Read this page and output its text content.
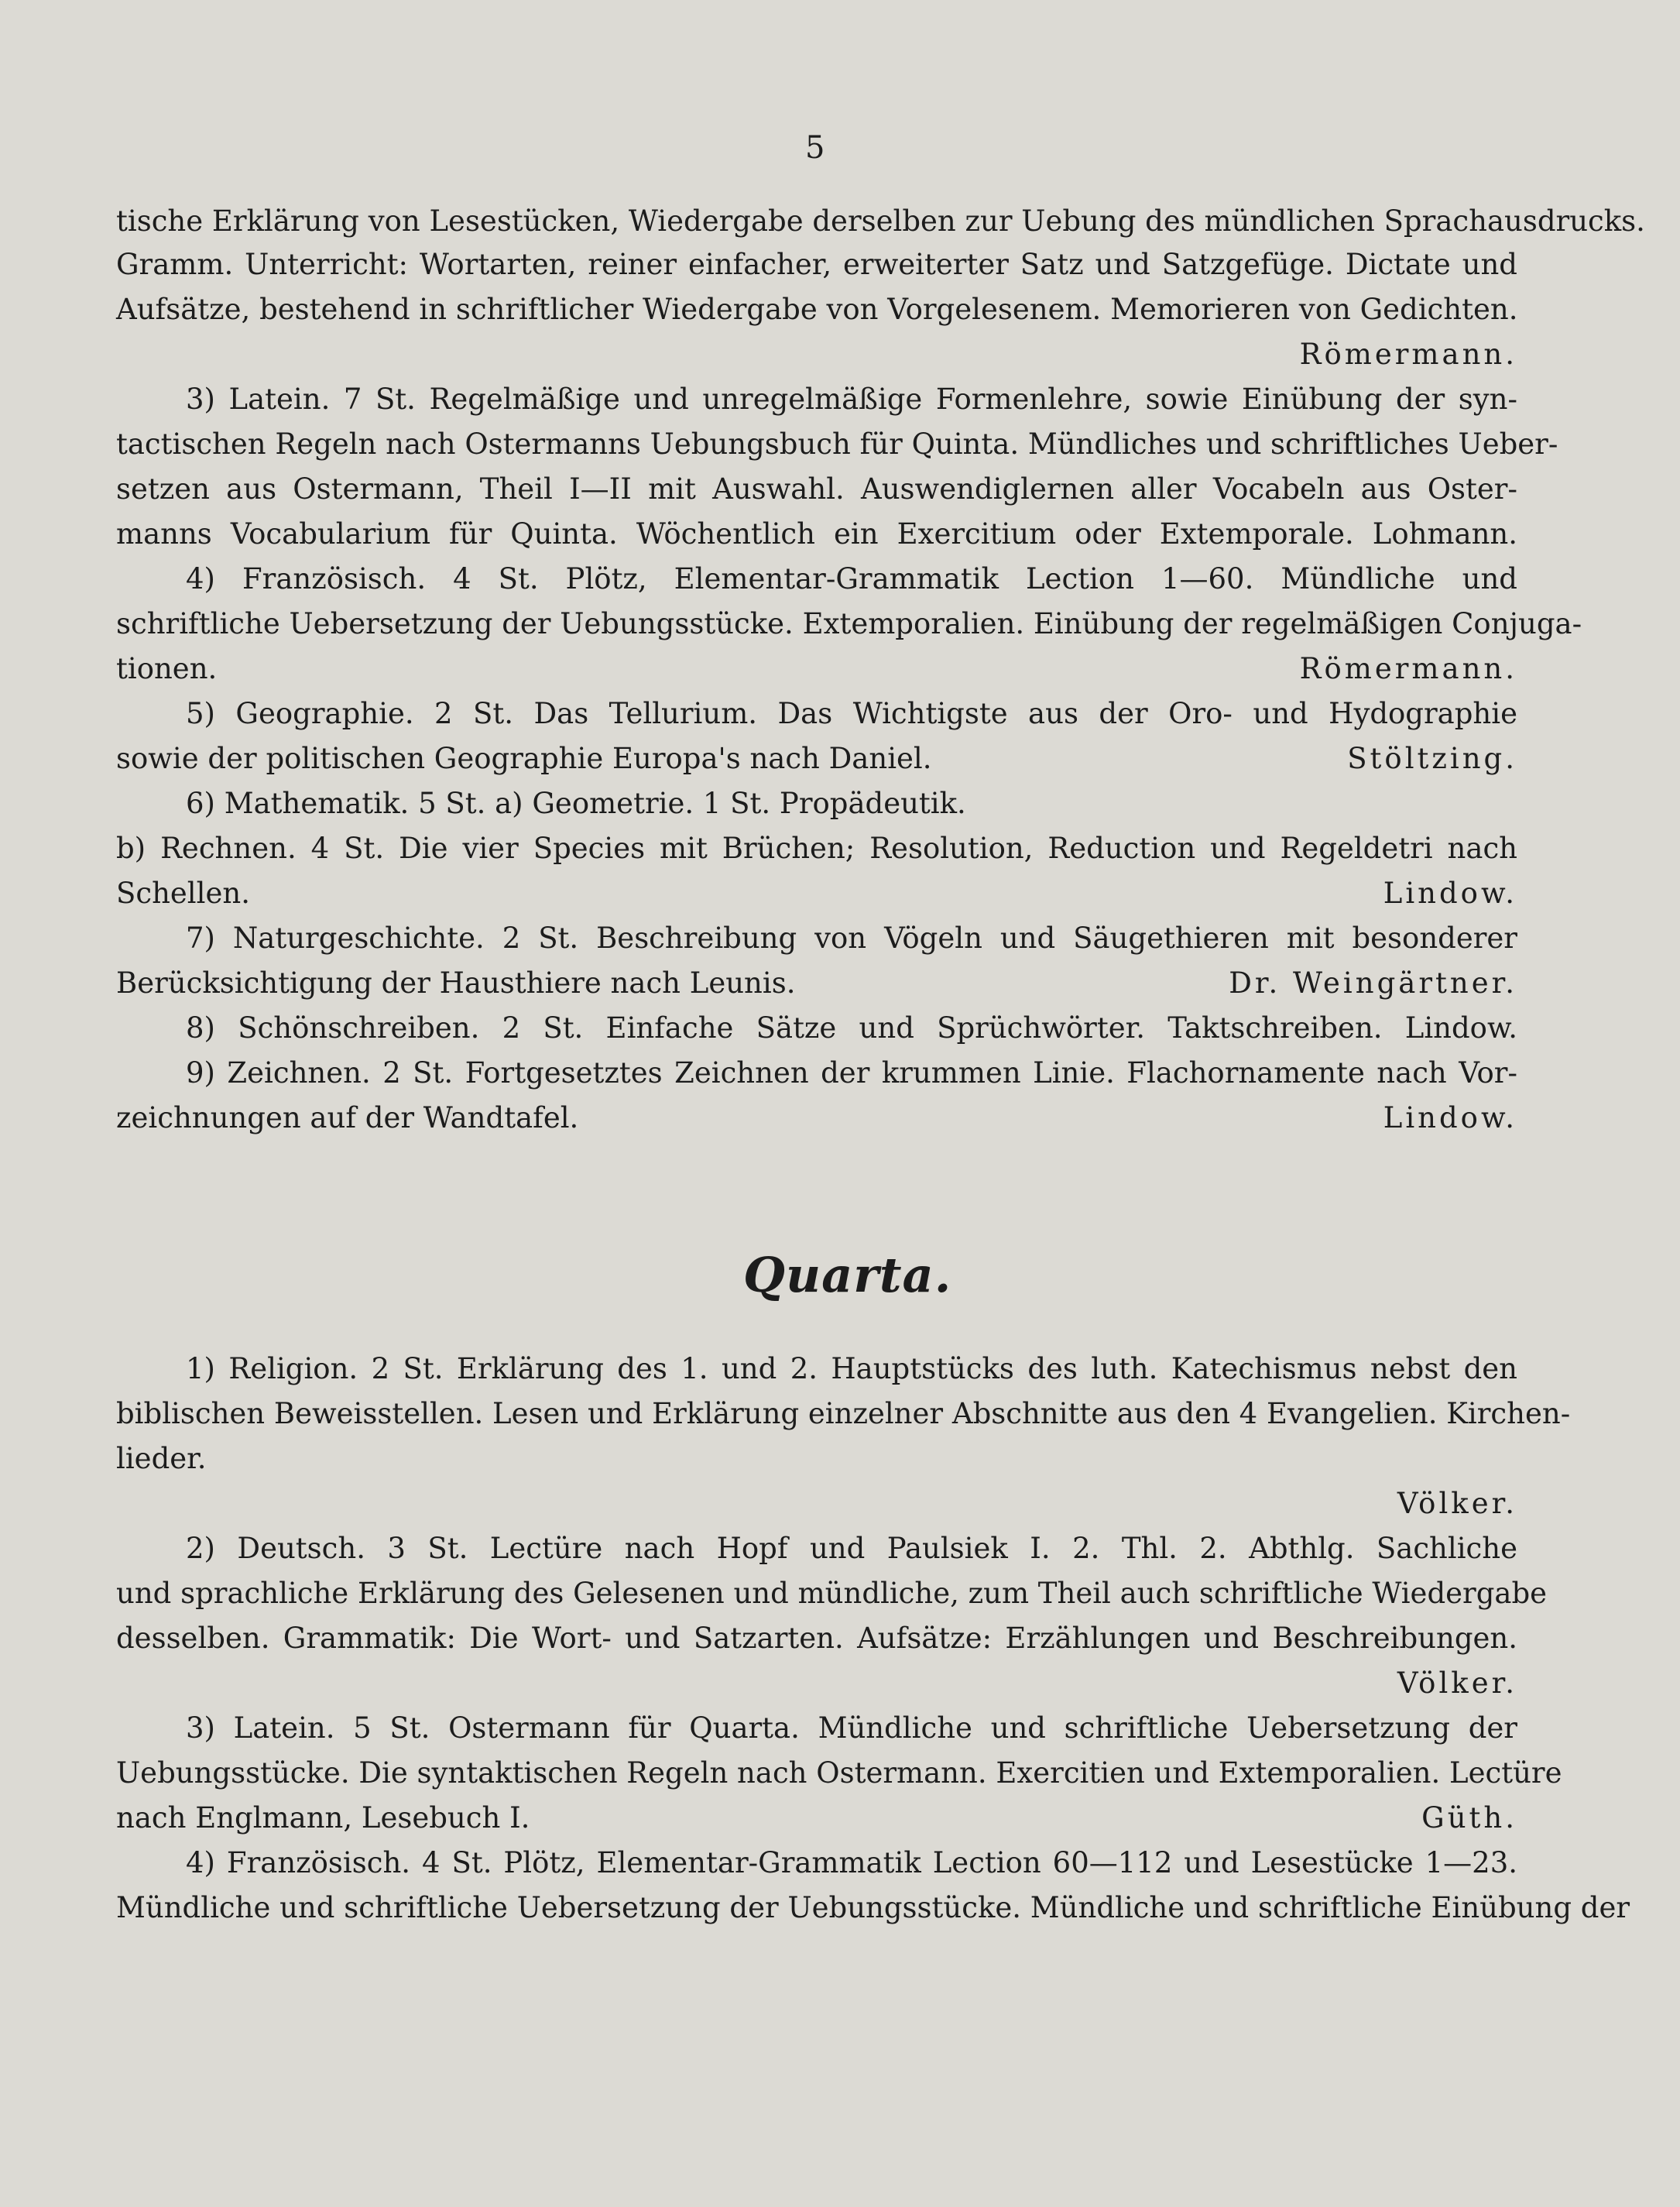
5
tische Erklärung von Lesestücken, Wiedergabe derselben zur Uebung des mündlichen Sprachausdrucks.
Gramm. Unterricht: Wortarten, reiner einfacher, erweiterter Satz und Satzgefüge. Dictate und
Aufsätze, bestehend in schriftlicher Wiedergabe von Vorgelesenem. Memorieren von Gedichten.
Römermann.
3) Latein. 7 St. Regelmäßige und unregelmäßige Formenlehre, sowie Einübung der syn-
tactischen Regeln nach Ostermanns Uebungsbuch für Quinta. Mündliches und schriftliches Ueber-
setzen aus Ostermann, Theil I—II mit Auswahl. Auswendiglernen aller Vocabeln aus Oster-
manns Vocabularium für Quinta. Wöchentlich ein Exercitium oder Extemporale. Lohmann.
4) Französisch. 4 St. Plötz, Elementar-Grammatik Lection 1—60. Mündliche und
schriftliche Uebersetzung der Uebungsstücke. Extemporalien. Einübung der regelmäßigen Conjuga-
tionen.	Römermann.
5) Geographie. 2 St. Das Tellurium. Das Wichtigste aus der Oro- und Hydographie
sowie der politischen Geographie Europa's nach Daniel.	Stöltzing.
6) Mathematik. 5 St. a) Geometrie. 1 St. Propädeutik.
b) Rechnen. 4 St. Die vier Species mit Brüchen; Resolution, Reduction und Regeldetri nach
Schellen.	Lindow.
7) Naturgeschichte. 2 St. Beschreibung von Vögeln und Säugethieren mit besonderer
Berücksichtigung der Hausthiere nach Leunis.	Dr. Weingärtner.
8) Schönschreiben. 2 St. Einfache Sätze und Sprüchwörter. Taktschreiben. Lindow.
9) Zeichnen. 2 St. Fortgesetztes Zeichnen der krummen Linie. Flachornamente nach Vor-
zeichnungen auf der Wandtafel.	Lindow.
Quarta.
1) Religion. 2 St. Erklärung des 1. und 2. Hauptstücks des luth. Katechismus nebst den
biblischen Beweisstellen. Lesen und Erklärung einzelner Abschnitte aus den 4 Evangelien. Kirchen-
lieder.
Völker.
2) Deutsch. 3 St. Lectüre nach Hopf und Paulsiek I. 2. Thl. 2. Abthlg. Sachliche
und sprachliche Erklärung des Gelesenen und mündliche, zum Theil auch schriftliche Wiedergabe
desselben. Grammatik: Die Wort- und Satzarten. Aufsätze: Erzählungen und Beschreibungen.
Völker.
3) Latein. 5 St. Ostermann für Quarta. Mündliche und schriftliche Uebersetzung der
Uebungsstücke. Die syntaktischen Regeln nach Ostermann. Exercitien und Extemporalien. Lectüre
nach Englmann, Lesebuch I.	Güth.
4) Französisch. 4 St. Plötz, Elementar-Grammatik Lection 60—112 und Lesestücke 1—23.
Mündliche und schriftliche Uebersetzung der Uebungsstücke. Mündliche und schriftliche Einübung der
